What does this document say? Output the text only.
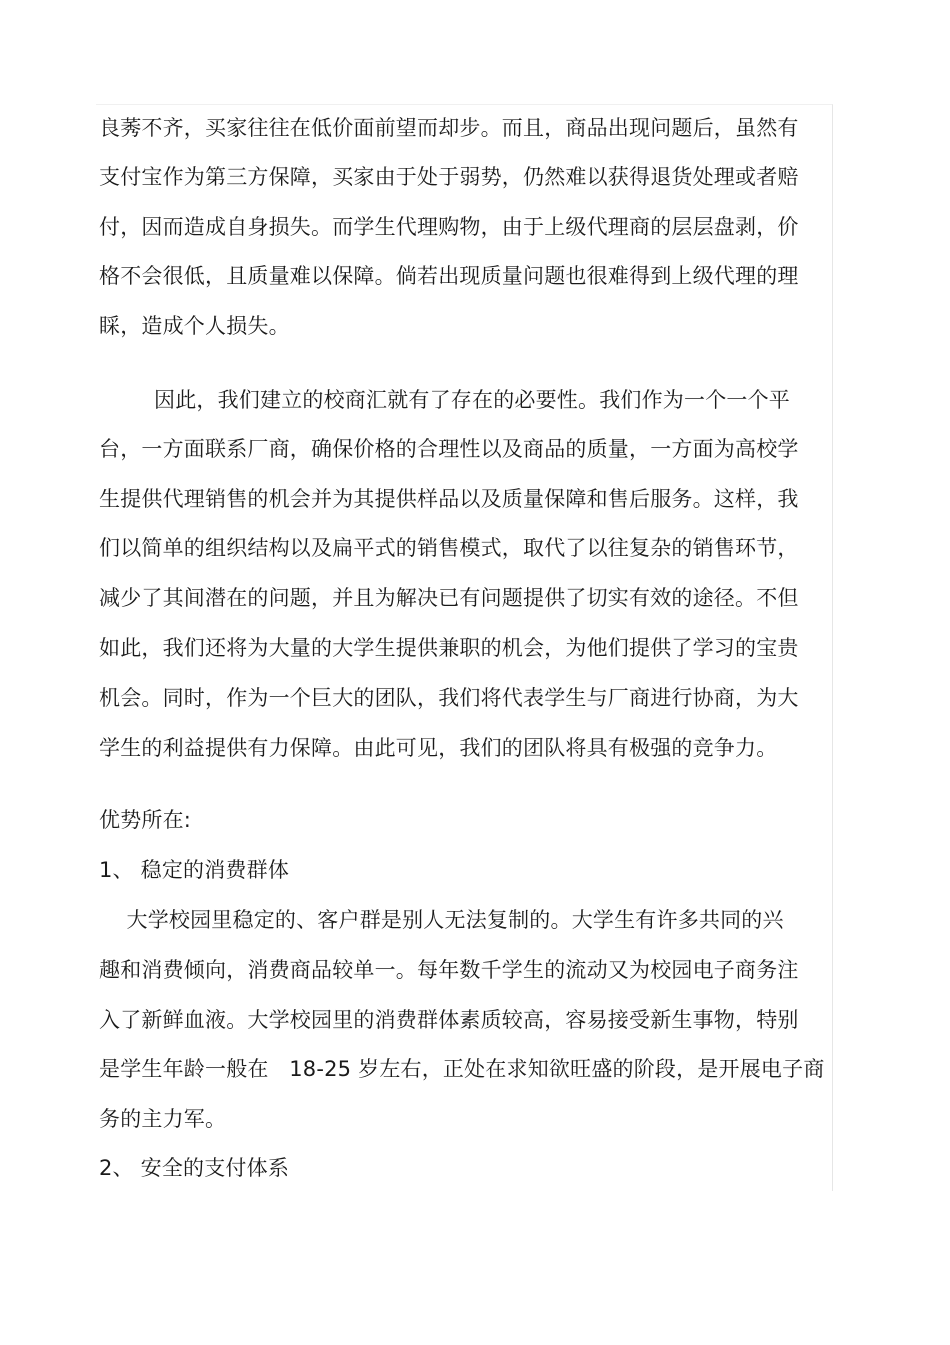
良莠不齐，买家往往在低价面前望而却步。而且，商品出现问题后，虽然有
支付宝作为第三方保障，买家由于处于弱势，仍然难以获得退货处理或者赔
付，因而造成自身损失。而学生代理购物，由于上级代理商的层层盘剥，价
格不会很低，且质量难以保障。倘若出现质量问题也很难得到上级代理的理
睬，造成个人损失。
因此，我们建立的校商汇就有了存在的必要性。我们作为一个一个平
台，一方面联系厂商，确保价格的合理性以及商品的质量，一方面为高校学
生提供代理销售的机会并为其提供样品以及质量保障和售后服务。这样，我
们以简单的组织结构以及扁平式的销售模式，取代了以往复杂的销售环节，
减少了其间潜在的问题，并且为解决已有问题提供了切实有效的途径。不但
如此，我们还将为大量的大学生提供兼职的机会，为他们提供了学习的宝贵
机会。同时，作为一个巨大的团队，我们将代表学生与厂商进行协商，为大
学生的利益提供有力保障。由此可见，我们的团队将具有极强的竞争力。
优势所在:
1、 稳定的消费群体
大学校园里稳定的、客户群是别人无法复制的。大学生有许多共同的兴
趣和消费倾向，消费商品较单一。每年数千学生的流动又为校园电子商务注
入了新鲜血液。大学校园里的消费群体素质较高，容易接受新生事物，特别
是学生年龄一般在   18-25 岁左右，正处在求知欲旺盛的阶段，是开展电子商
务的主力军。
2、 安全的支付体系
